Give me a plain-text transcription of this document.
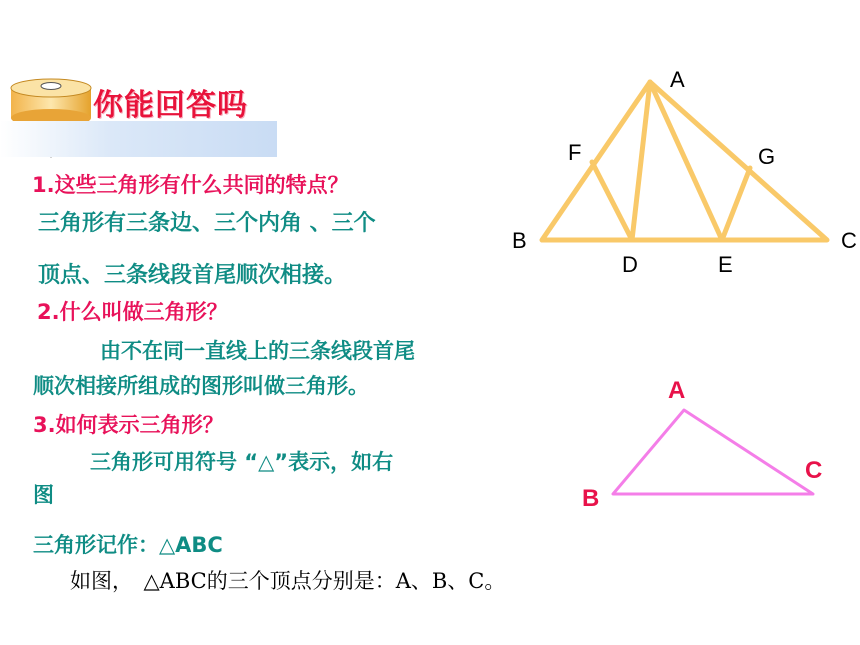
你能回答吗
1.这些三角形有什么共同的特点？
三角形有三条边、三个内角 、三个
顶点、三条线段首尾顺次相接。
2.什么叫做三角形？
由不在同一直线上的三条线段首尾
顺次相接所组成的图形叫做三角形。
3.如何表示三角形？
三角形可用符号 “△”表示，如右
图
三角形记作：△ABC
如图，　△ABC的三个顶点分别是：A、B、C。
A
B	C
D	E
F	G
A
B
C
